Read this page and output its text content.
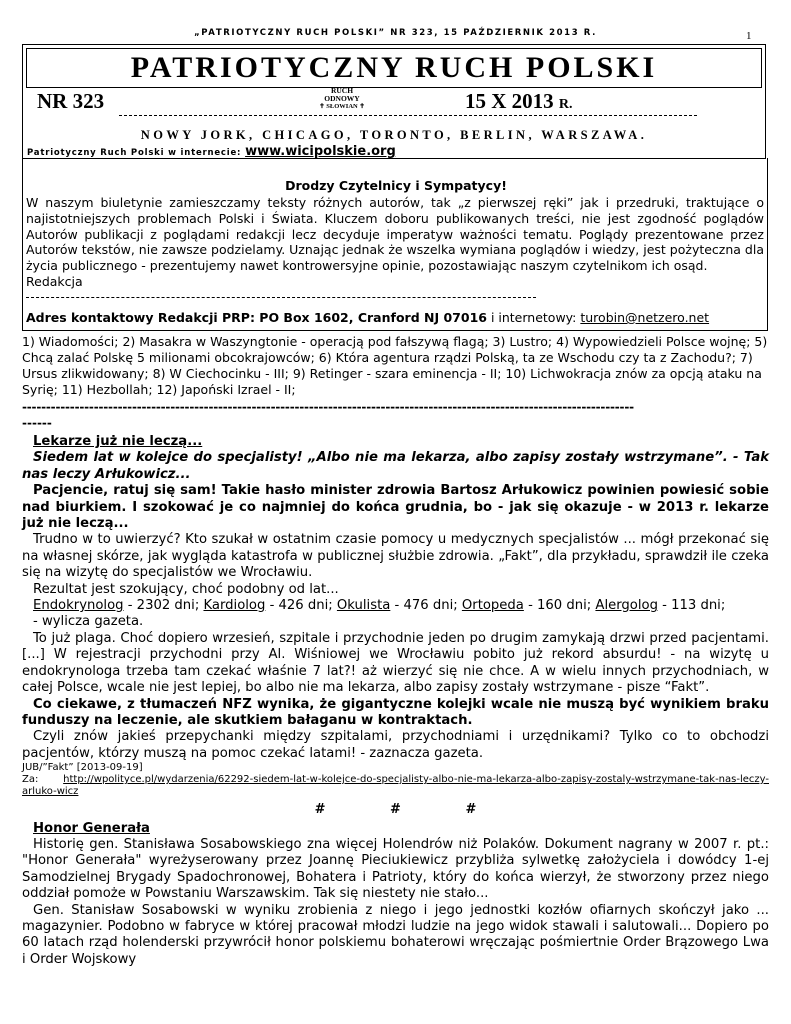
„PATRIOTYCZNY RUCH POLSKI” NR 323, 15 PAŹDZIERNIK 2013 R.	1
PATRIOTYCZNY RUCH POLSKI
NR 323	RUCH ODNOWY
✝ SŁOWIAN ✝	15 X 2013 R.
NOWY JORK, CHICAGO, TORONTO, BERLIN, WARSZAWA.
Patriotyczny Ruch Polski w internecie: www.wicipolskie.org
Drodzy Czytelnicy i Sympatycy!
W naszym biuletynie zamieszczamy teksty różnych autorów, tak „z pierwszej ręki” jak i przedruki, traktujące o najistotniejszych problemach Polski i Świata. Kluczem doboru publikowanych treści, nie jest zgodność poglądów Autorów publikacji z poglądami redakcji lecz decyduje imperatyw ważności tematu. Poglądy prezentowane przez Autorów tekstów, nie zawsze podzielamy. Uznając jednak że wszelka wymiana poglądów i wiedzy, jest pożyteczna dla życia publicznego - prezentujemy nawet kontrowersyjne opinie, pozostawiając naszym czytelnikom ich osąd.
Redakcja
Adres kontaktowy Redakcji PRP: PO Box 1602, Cranford NJ 07016 i internetowy: turobin@netzero.net
1) Wiadomości; 2) Masakra w Waszyngtonie - operacją pod fałszywą flagą; 3) Lustro; 4) Wypowiedzieli Polsce wojnę; 5) Chcą zalać Polskę 5 milionami obcokrajowców; 6) Która agentura rządzi Polską, ta ze Wschodu czy ta z Zachodu?; 7) Ursus zlikwidowany; 8) W Ciechocinku - III; 9) Retinger - szara eminencja - II; 10) Lichwokracja znów za opcją ataku na Syrię; 11) Hezbollah; 12) Japoński Izrael - II;
--------------------------------------------------------------------------------------------------------------------------------
------

Lekarze już nie leczą...

Siedem lat w kolejce do specjalisty! „Albo nie ma lekarza, albo zapisy zostały wstrzymane”. - Tak nas leczy Arłukowicz...

Pacjencie, ratuj się sam! Takie hasło minister zdrowia Bartosz Arłukowicz powinien powiesić sobie nad biurkiem. I szokować je co najmniej do końca grudnia, bo - jak się okazuje - w 2013 r. lekarze już nie leczą...

Trudno w to uwierzyć? Kto szukał w ostatnim czasie pomocy u medycznych specjalistów ... mógł przekonać się na własnej skórze, jak wygląda katastrofa w publicznej służbie zdrowia. „Fakt”, dla przykładu, sprawdził ile czeka się na wizytę do specjalistów we Wrocławiu.

Rezultat jest szokujący, choć podobny od lat...

Endokrynolog - 2302 dni; Kardiolog - 426 dni; Okulista - 476 dni; Ortopeda - 160 dni; Alergolog - 113 dni;

- wylicza gazeta.

To już plaga. Choć dopiero wrzesień, szpitale i przychodnie jeden po drugim zamykają drzwi przed pacjentami. [...] W rejestracji przychodni przy Al. Wiśniowej we Wrocławiu pobito już rekord absurdu! - na wizytę u endokrynologa trzeba tam czekać właśnie 7 lat?! aż wierzyć się nie chce. A w wielu innych przychodniach, w całej Polsce, wcale nie jest lepiej, bo albo nie ma lekarza, albo zapisy zostały wstrzymane - pisze “Fakt”.

Co ciekawe, z tłumaczeń NFZ wynika, że gigantyczne kolejki wcale nie muszą być wynikiem braku funduszy na leczenie, ale skutkiem bałaganu w kontraktach.

Czyli znów jakieś przepychanki między szpitalami, przychodniami i urzędnikami? Tylko co to obchodzi pacjentów, którzy muszą na pomoc czekać latami! - zaznacza gazeta.

JUB/”Fakt” [2013-09-19]

Za: http://wpolityce.pl/wydarzenia/62292-siedem-lat-w-kolejce-do-specjalisty-albo-nie-ma-lekarza-albo-zapisy-zostaly-wstrzymane-tak-nas-leczy-arluko-wicz

# # #

Honor Generała

Historię gen. Stanisława Sosabowskiego zna więcej Holendrów niż Polaków. Dokument nagrany w 2007 r. pt.: "Honor Generała" wyreżyserowany przez Joannę Pieciukiewicz przybliża sylwetkę założyciela i dowódcy 1-ej Samodzielnej Brygady Spadochronowej, Bohatera i Patrioty, który do końca wierzył, że stworzony przez niego oddział pomoże w Powstaniu Warszawskim. Tak się niestety nie stało...

Gen. Stanisław Sosabowski w wyniku zrobienia z niego i jego jednostki kozłów ofiarnych skończył jako ... magazynier. Podobno w fabryce w której pracował młodzi ludzie na jego widok stawali i salutowali... Dopiero po 60 latach rząd holenderski przywrócił honor polskiemu bohaterowi wręczając pośmiertnie Order Brązowego Lwa i Order Wojskowy
